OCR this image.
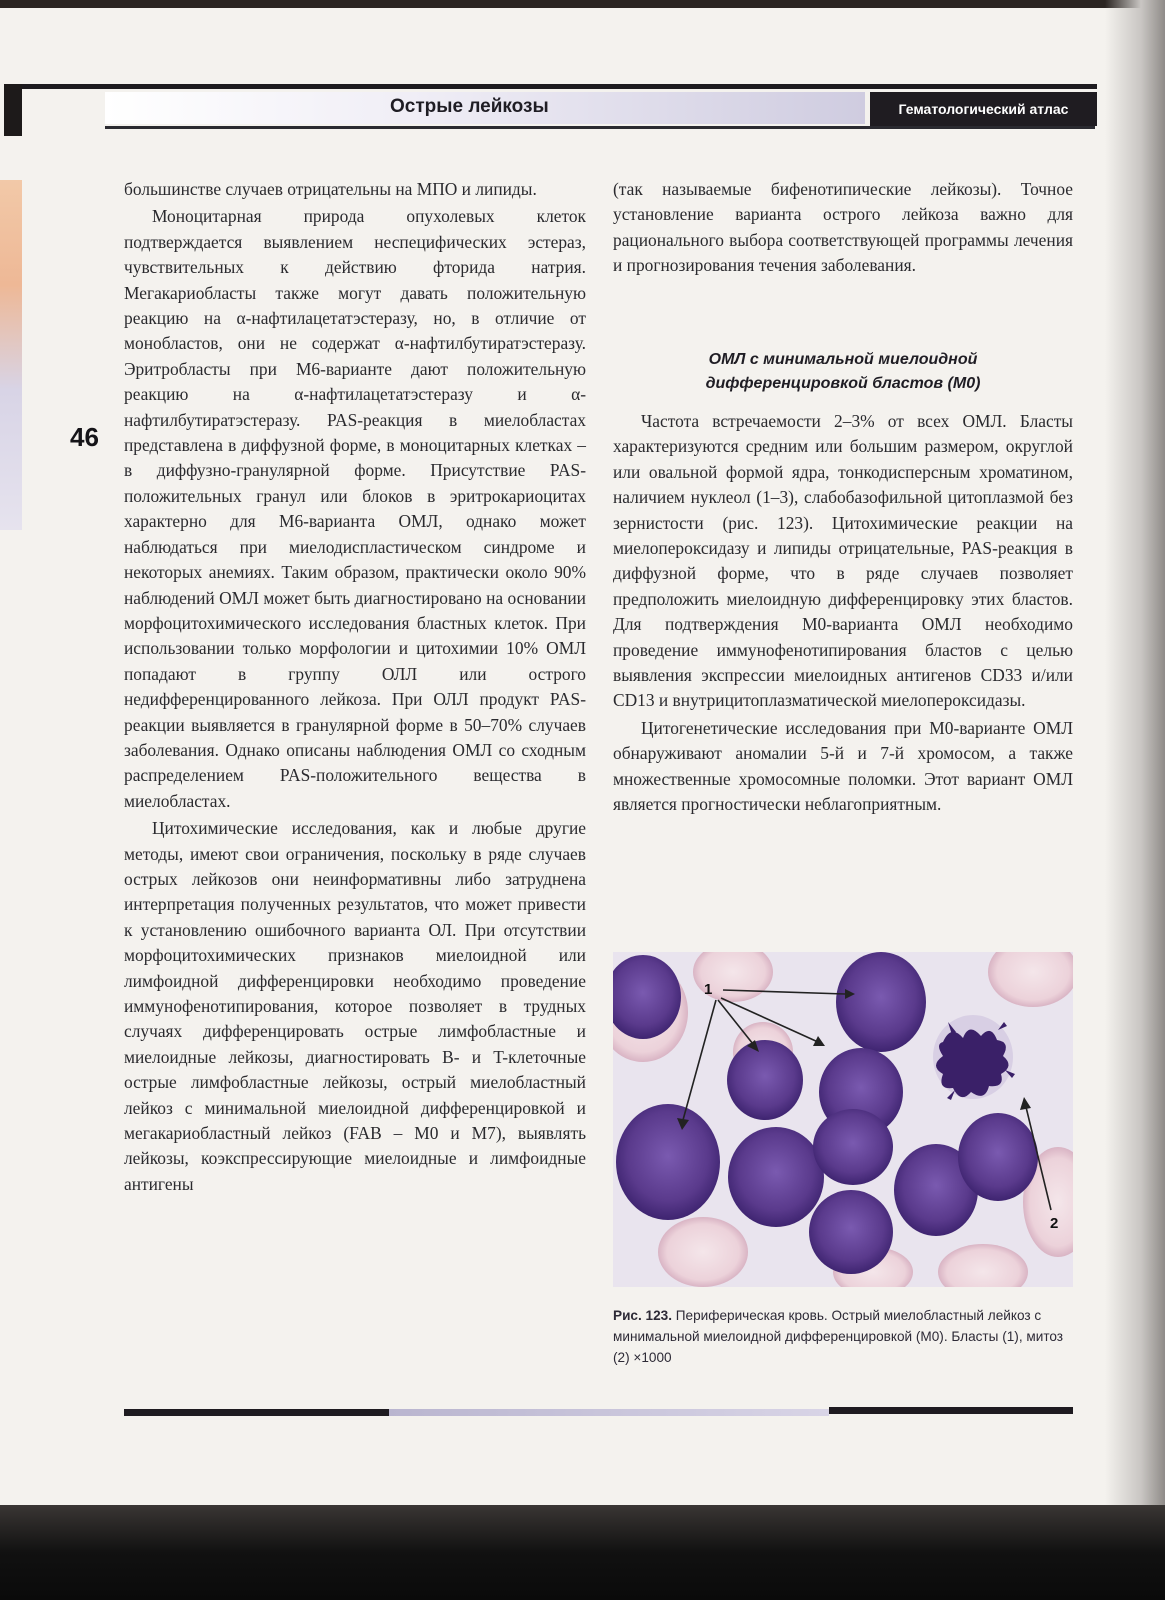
Острые лейкозы	Гематологический атлас
46

большинстве случаев отрицательны на МПО и липиды.

Моноцитарная природа опухолевых клеток подтверждается выявлением неспецифических эстераз, чувствительных к действию фторида натрия. Мегакариобласты также могут давать положительную реакцию на α-нафтилацетатэстеразу, но, в отличие от монобластов, они не содержат α-нафтилбутиратэстеразу. Эритробласты при M6-варианте дают положительную реакцию на α-нафтилацетатэстеразу и α-нафтилбутиратэстеразу. PAS-реакция в миелобластах представлена в диффузной форме, в моноцитарных клетках – в диффузно-гранулярной форме. Присутствие PAS-положительных гранул или блоков в эритрокариоцитах характерно для M6-варианта ОМЛ, однако может наблюдаться при миелодиспластическом синдроме и некоторых анемиях. Таким образом, практически около 90% наблюдений ОМЛ может быть диагностировано на основании морфоцитохимического исследования бластных клеток. При использовании только морфологии и цитохимии 10% ОМЛ попадают в группу ОЛЛ или острого недифференцированного лейкоза. При ОЛЛ продукт PAS-реакции выявляется в гранулярной форме в 50–70% случаев заболевания. Однако описаны наблюдения ОМЛ со сходным распределением PAS-положительного вещества в миелобластах.

Цитохимические исследования, как и любые другие методы, имеют свои ограничения, поскольку в ряде случаев острых лейкозов они неинформативны либо затруднена интерпретация полученных результатов, что может привести к установлению ошибочного варианта ОЛ. При отсутствии морфоцитохимических признаков миелоидной или лимфоидной дифференцировки необходимо проведение иммунофенотипирования, которое позволяет в трудных случаях дифференцировать острые лимфобластные и миелоидные лейкозы, диагностировать B- и T-клеточные острые лимфобластные лейкозы, острый миелобластный лейкоз с минимальной миелоидной дифференцировкой и мегакариобластный лейкоз (FAB – M0 и M7), выявлять лейкозы, коэкспрессирующие миелоидные и лимфоидные антигены

(так называемые бифенотипические лейкозы). Точное установление варианта острого лейкоза важно для рационального выбора соответствующей программы лечения и прогнозирования течения заболевания.

ОМЛ с минимальной миелоидной
дифференцировкой бластов (M0)

Частота встречаемости 2–3% от всех ОМЛ. Бласты характеризуются средним или большим размером, округлой или овальной формой ядра, тонкодисперсным хроматином, наличием нуклеол (1–3), слабобазофильной цитоплазмой без зернистости (рис. 123). Цитохимические реакции на миелопероксидазу и липиды отрицательные, PAS-реакция в диффузной форме, что в ряде случаев позволяет предположить миелоидную дифференцировку этих бластов. Для подтверждения M0-варианта ОМЛ необходимо проведение иммунофенотипирования бластов с целью выявления экспрессии миелоидных антигенов CD33 и/или CD13 и внутрицитоплазматической миелопероксидазы.

Цитогенетические исследования при M0-варианте ОМЛ обнаруживают аномалии 5-й и 7-й хромосом, а также множественные хромосомные поломки. Этот вариант ОМЛ является прогностически неблагоприятным.

1
2
Рис. 123. Периферическая кровь. Острый миелобластный лейкоз с минимальной миелоидной дифференцировкой (M0). Бласты (1), митоз (2) ×1000
